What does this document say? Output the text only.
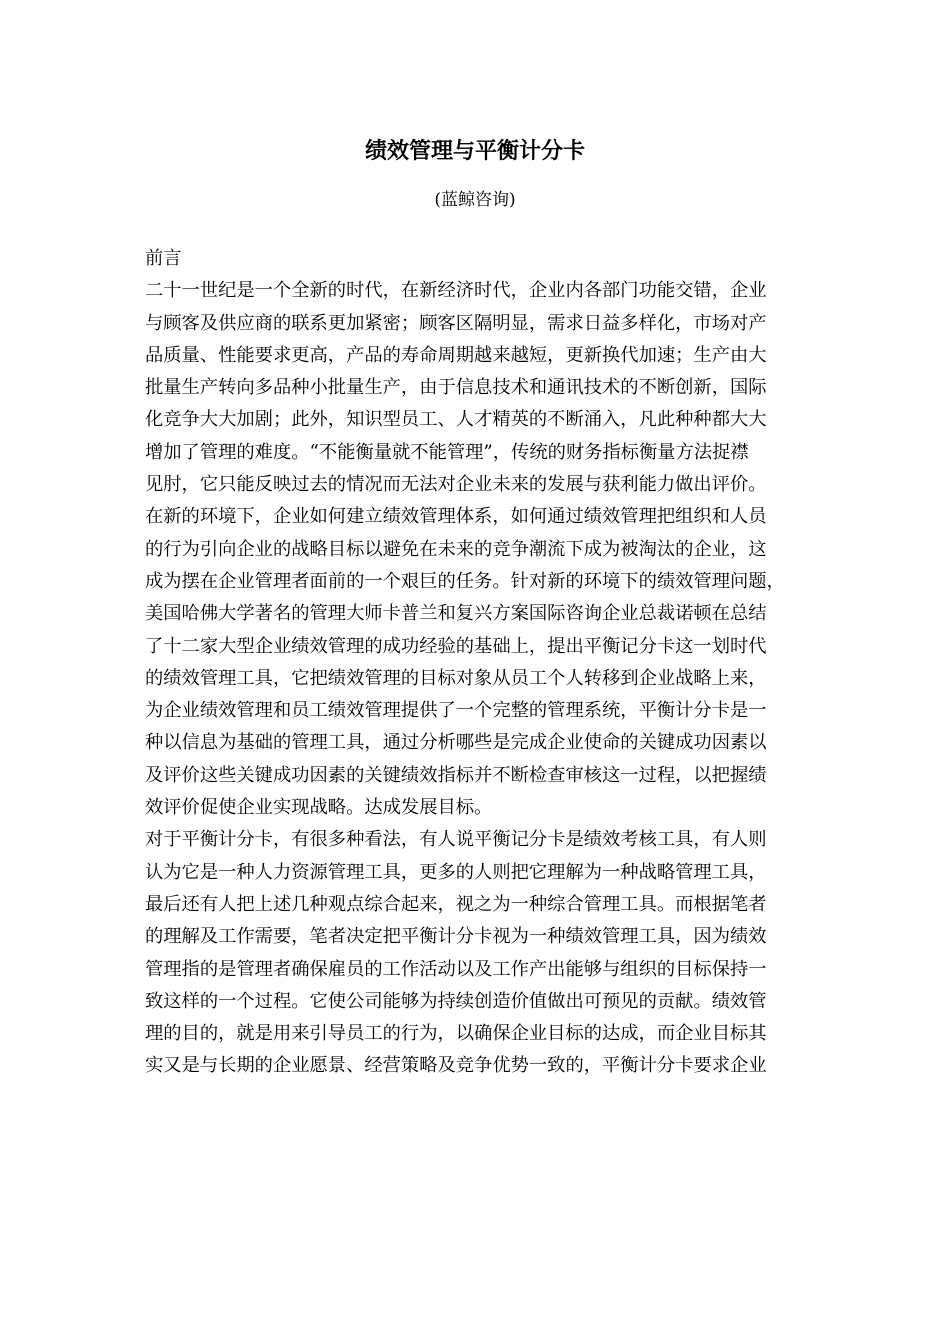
绩效管理与平衡计分卡
(蓝鲸咨询)
前言
二十一世纪是一个全新的时代，在新经济时代，企业内各部门功能交错，企业
与顾客及供应商的联系更加紧密；顾客区隔明显，需求日益多样化，市场对产
品质量、性能要求更高，产品的寿命周期越来越短，更新换代加速；生产由大
批量生产转向多品种小批量生产，由于信息技术和通讯技术的不断创新，国际
化竞争大大加剧；此外，知识型员工、人才精英的不断涌入，凡此种种都大大
增加了管理的难度。“不能衡量就不能管理”，传统的财务指标衡量方法捉襟
见肘，它只能反映过去的情况而无法对企业未来的发展与获利能力做出评价。
在新的环境下，企业如何建立绩效管理体系，如何通过绩效管理把组织和人员
的行为引向企业的战略目标以避免在未来的竞争潮流下成为被淘汰的企业，这
成为摆在企业管理者面前的一个艰巨的任务。针对新的环境下的绩效管理问题，
美国哈佛大学著名的管理大师卡普兰和复兴方案国际咨询企业总裁诺顿在总结
了十二家大型企业绩效管理的成功经验的基础上，提出平衡记分卡这一划时代
的绩效管理工具，它把绩效管理的目标对象从员工个人转移到企业战略上来，
为企业绩效管理和员工绩效管理提供了一个完整的管理系统，平衡计分卡是一
种以信息为基础的管理工具，通过分析哪些是完成企业使命的关键成功因素以
及评价这些关键成功因素的关键绩效指标并不断检查审核这一过程，以把握绩
效评价促使企业实现战略。达成发展目标。
对于平衡计分卡，有很多种看法，有人说平衡记分卡是绩效考核工具，有人则
认为它是一种人力资源管理工具，更多的人则把它理解为一种战略管理工具，
最后还有人把上述几种观点综合起来，视之为一种综合管理工具。而根据笔者
的理解及工作需要，笔者决定把平衡计分卡视为一种绩效管理工具，因为绩效
管理指的是管理者确保雇员的工作活动以及工作产出能够与组织的目标保持一
致这样的一个过程。它使公司能够为持续创造价值做出可预见的贡献。绩效管
理的目的，就是用来引导员工的行为，以确保企业目标的达成，而企业目标其
实又是与长期的企业愿景、经营策略及竞争优势一致的，平衡计分卡要求企业
